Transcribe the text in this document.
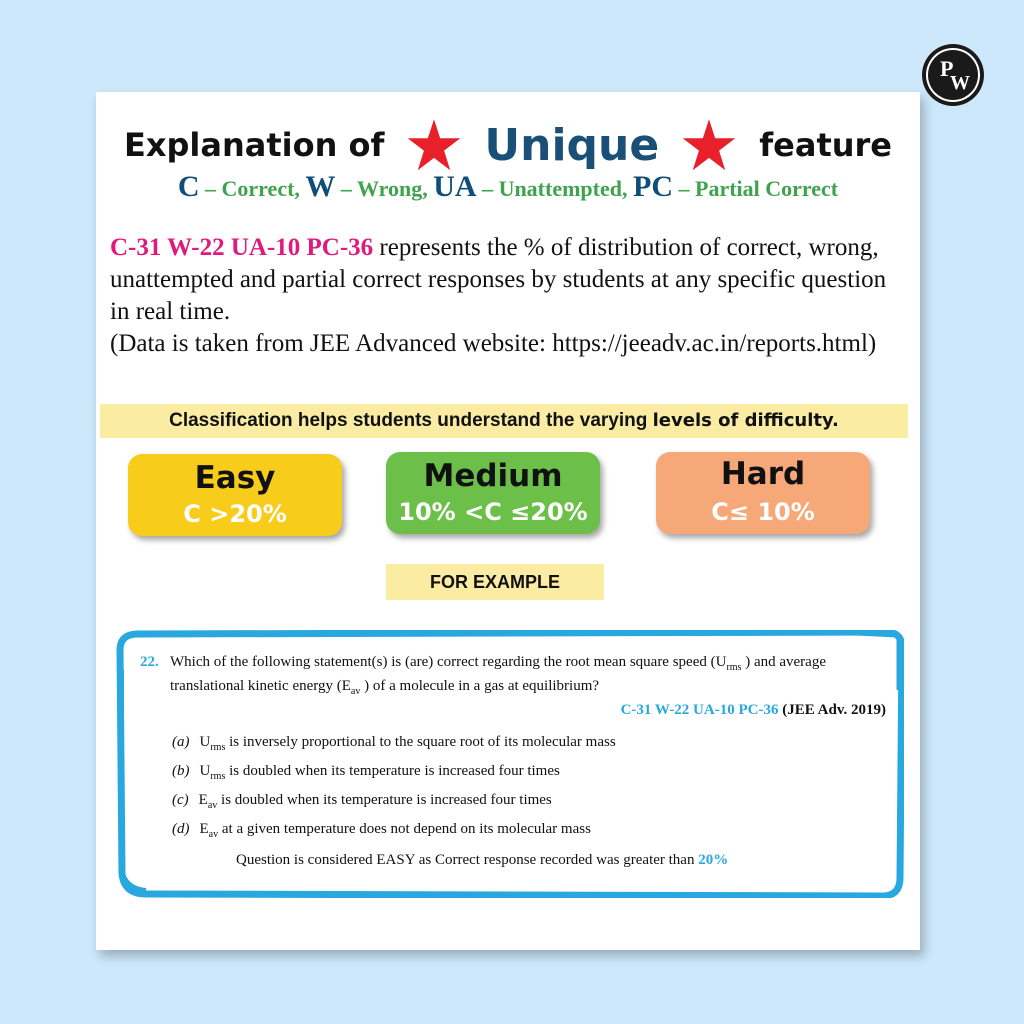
P
W
Explanation of Unique	feature
C – Correct, W – Wrong, UA – Unattempted, PC – Partial Correct
C-31 W-22 UA-10 PC-36 represents the % of distribution of correct, wrong, unattempted and partial correct responses by students at any specific question in real time.
(Data is taken from JEE Advanced website: https://jeeadv.ac.in/reports.html)
Classification helps students understand the varying levels of difficulty.
Easy
C >20%
Medium
10% <C ≤20%
Hard
C≤ 10%
FOR EXAMPLE
22. Which of the following statement(s) is (are) correct regarding the root mean square speed ($U_{rms}$ ) and average
translational kinetic energy ($E_{av}$ ) of a molecule in a gas at equilibrium?
C-31 W-22 UA-10 PC-36 (JEE Adv. 2019)
(a) $U_{rms}$ is inversely proportional to the square root of its molecular mass
(b) $U_{rms}$ is doubled when its temperature is increased four times
(c) $E_{av}$ is doubled when its temperature is increased four times
(d) $E_{av}$ at a given temperature does not depend on its molecular mass
Question is considered EASY as Correct response recorded was greater than 20%
